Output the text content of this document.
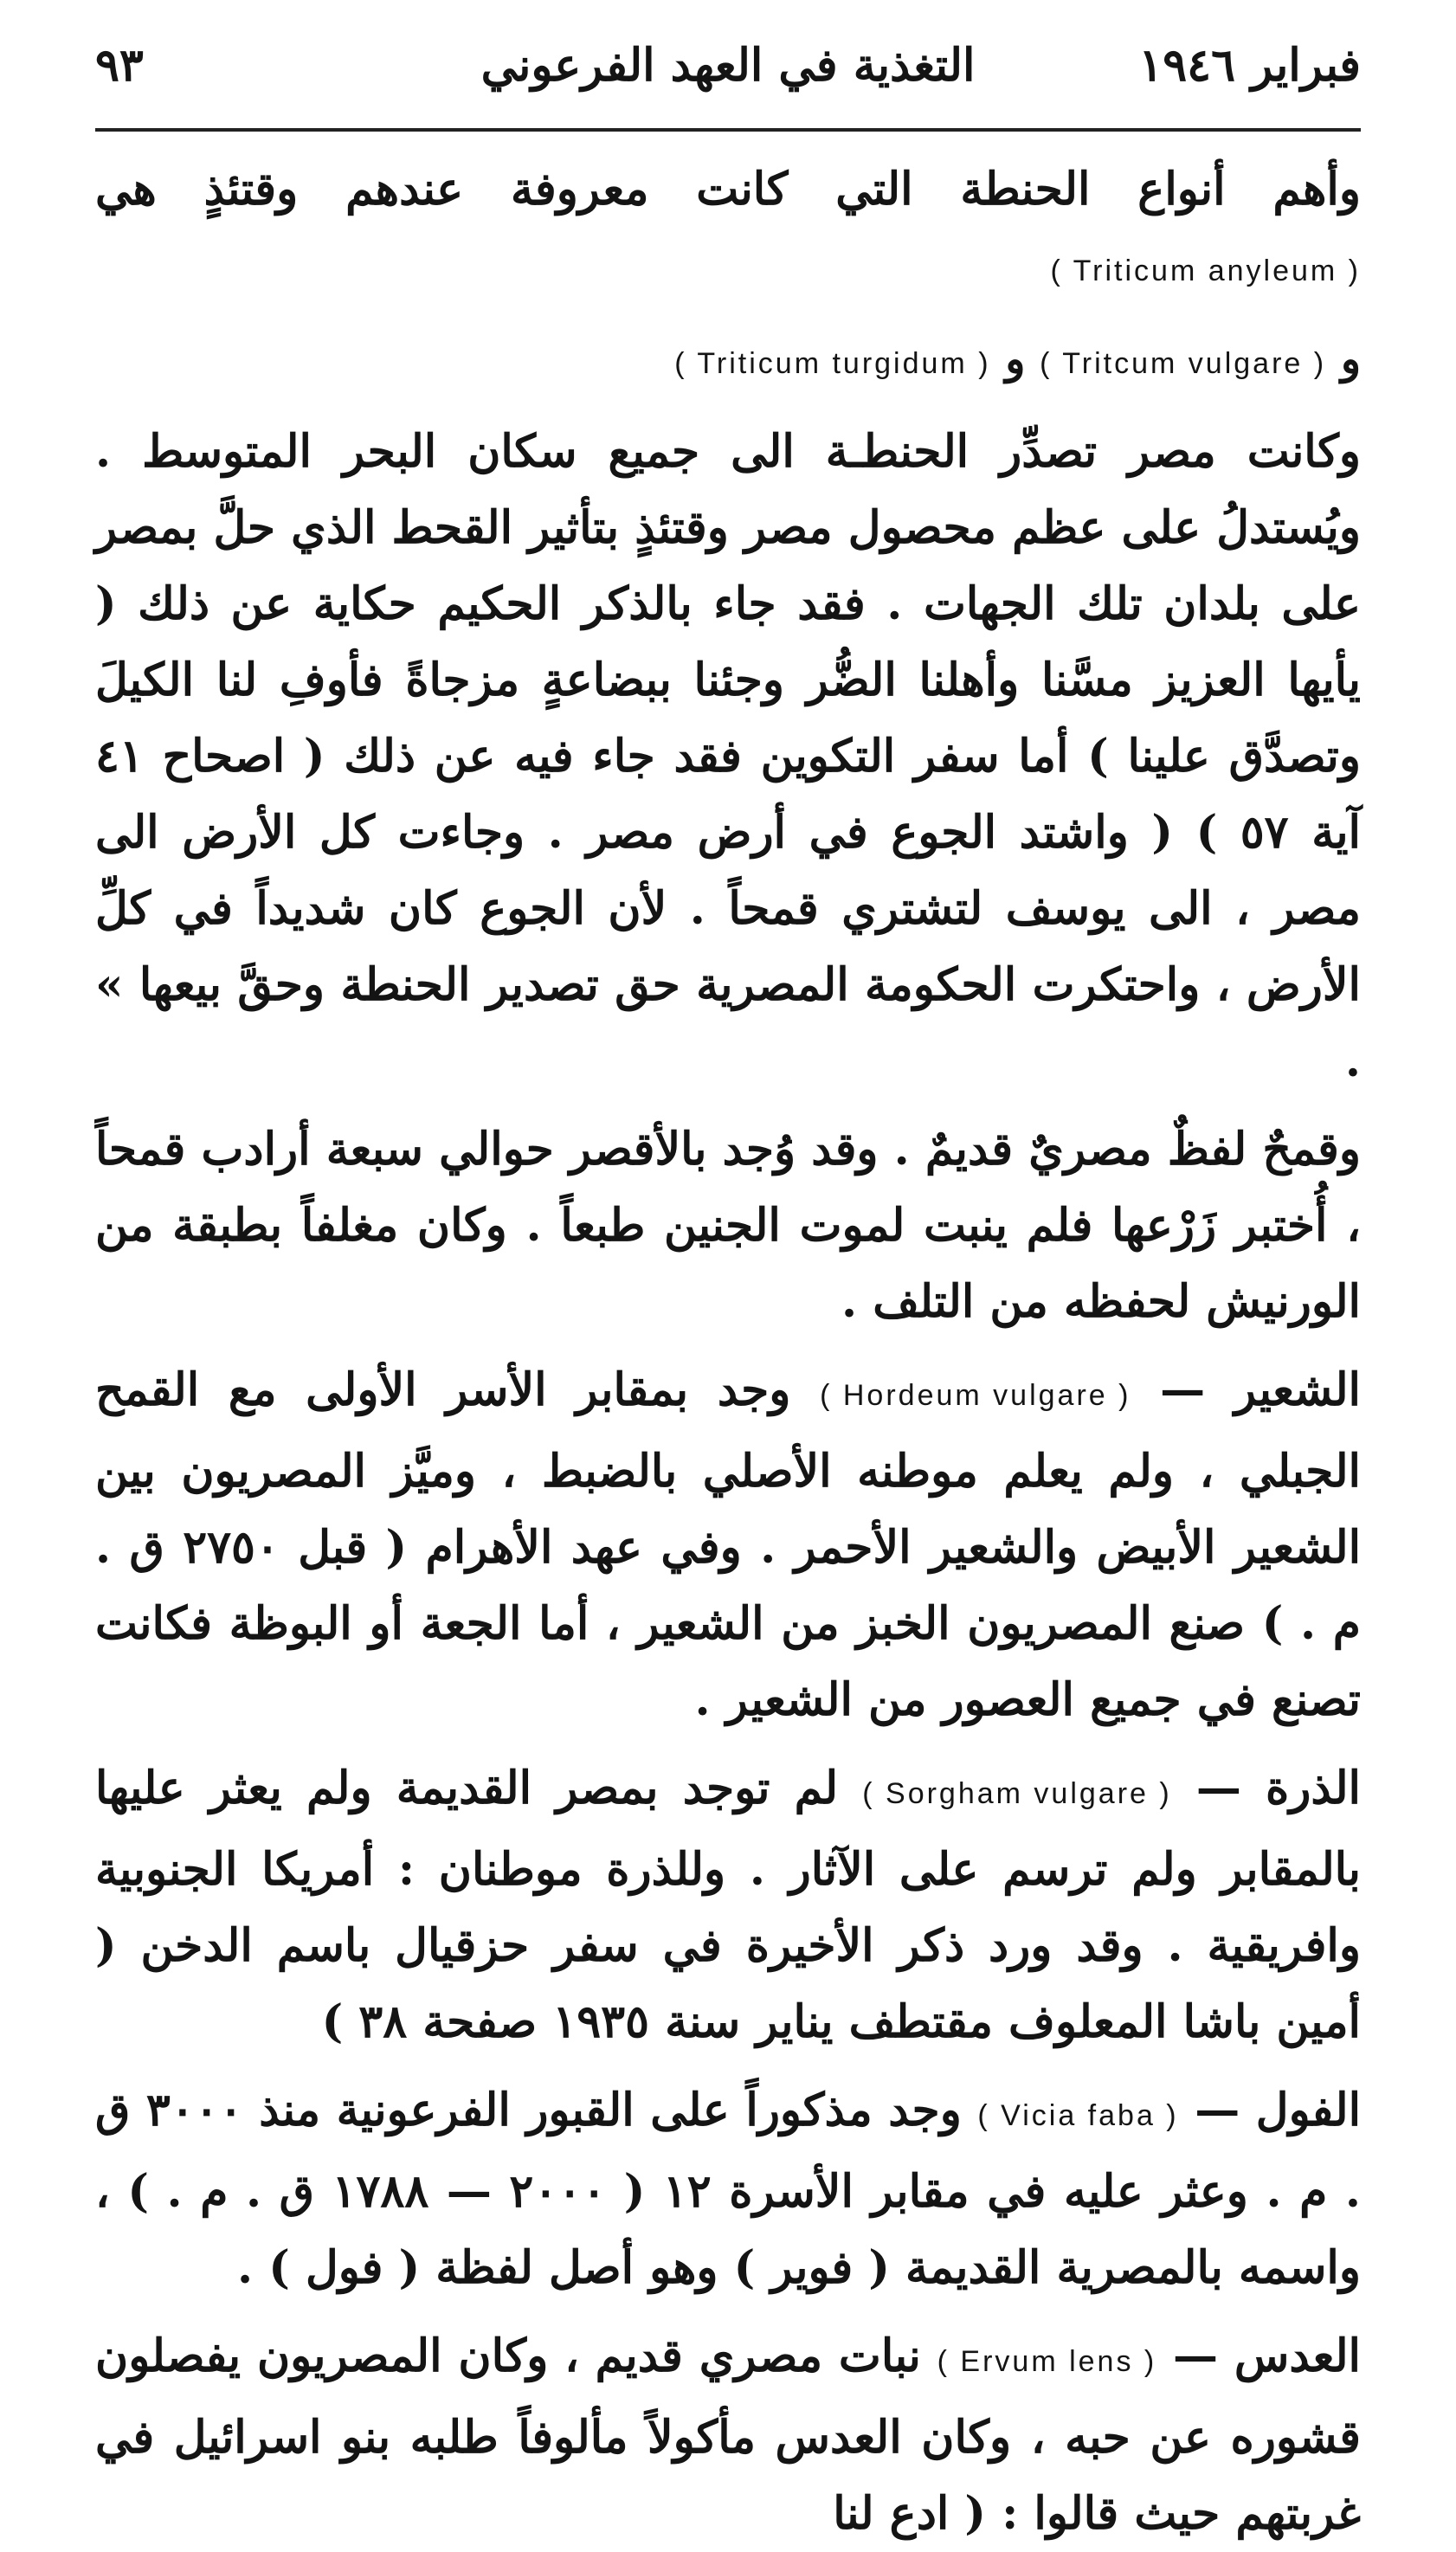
فبراير ١٩٤٦
التغذية في العهد الفرعوني
٩٣

وأهم أنواع الحنطة التي كانت معروفة عندهم وقتئذٍ هي ( Triticum anyleum )

و ( Tritcum vulgare ) و ( Triticum turgidum )

وكانت مصر تصدِّر الحنطـة الى جميع سكان البحر المتوسط . ويُستدلُ على عظم محصول مصر وقتئذٍ بتأثير القحط الذي حلَّ بمصر على بلدان تلك الجهات . فقد جاء بالذكر الحكيم حكاية عن ذلك ( يأيها العزيز مسَّنا وأهلنا الضُّر وجئنا ببضاعةٍ مزجاةً فأوفِ لنا الكيلَ وتصدَّق علينا ) أما سفر التكوين فقد جاء فيه عن ذلك ( اصحاح ٤١ آية ٥٧ ) ( واشتد الجوع في أرض مصر . وجاءت كل الأرض الى مصر ، الى يوسف لتشتري قمحاً . لأن الجوع كان شديداً في كلِّ الأرض ، واحتكرت الحكومة المصرية حق تصدير الحنطة وحقَّ بيعها » .

وقمحٌ لفظٌ مصريٌ قديمٌ . وقد وُجد بالأقصر حوالي سبعة أرادب قمحاً ، أُختبر زَرْعها فلم ينبت لموت الجنين طبعاً . وكان مغلفاً بطبقة من الورنيش لحفظه من التلف .

الشعير — ( Hordeum vulgare ) وجد بمقابر الأسر الأولى مع القمح الجبلي ، ولم يعلم موطنه الأصلي بالضبط ، وميَّز المصريون بين الشعير الأبيض والشعير الأحمر . وفي عهد الأهرام ( قبل ٢٧٥٠ ق . م . ) صنع المصريون الخبز من الشعير ، أما الجعة أو البوظة فكانت تصنع في جميع العصور من الشعير .

الذرة — ( Sorgham vulgare ) لم توجد بمصر القديمة ولم يعثر عليها بالمقابر ولم ترسم على الآثار . وللذرة موطنان : أمريكا الجنوبية وافريقية . وقد ورد ذكر الأخيرة في سفر حزقيال باسم الدخن ( أمين باشا المعلوف مقتطف يناير سنة ١٩٣٥ صفحة ٣٨ )

الفول — ( Vicia faba ) وجد مذكوراً على القبور الفرعونية منذ ٣٠٠٠ ق . م . وعثر عليه في مقابر الأسرة ١٢ ( ٢٠٠٠ — ١٧٨٨ ق . م . ) ، واسمه بالمصرية القديمة ( فوير ) وهو أصل لفظة ( فول ) .

العدس — ( Ervum lens ) نبات مصري قديم ، وكان المصريون يفصلون قشوره عن حبه ، وكان العدس مأكولاً مألوفاً طلبه بنو اسرائيل في غربتهم حيث قالوا : ( ادع لنا
